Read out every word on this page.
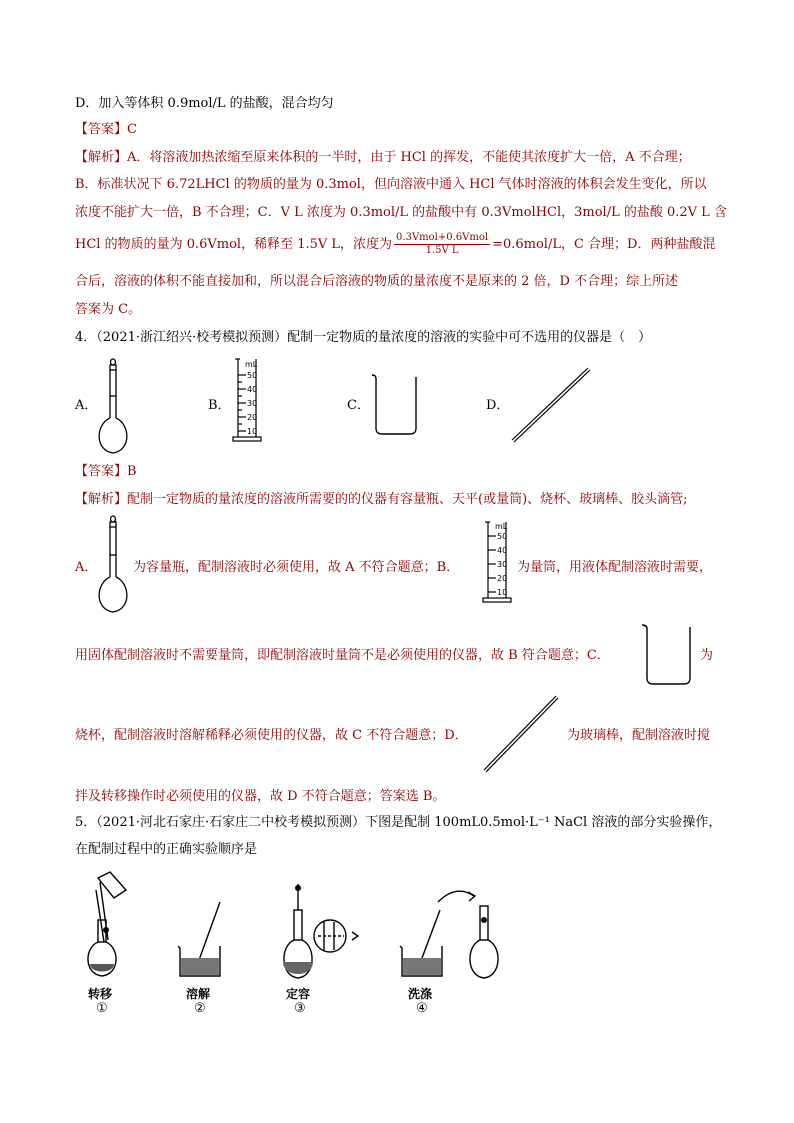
D．加入等体积 0.9mol/L 的盐酸，混合均匀
【答案】C
【解析】A．将溶液加热浓缩至原来体积的一半时，由于 HCl 的挥发，不能使其浓度扩大一倍，A 不合理；
B．标准状况下 6.72LHCl 的物质的量为 0.3mol，但向溶液中通入 HCl 气体时溶液的体积会发生变化，所以
浓度不能扩大一倍，B 不合理；C．V L 浓度为 0.3mol/L 的盐酸中有 0.3VmolHCl，3mol/L 的盐酸 0.2V L 含
HCl 的物质的量为 0.6Vmol，稀释至 1.5V L，浓度为 $\frac{\text{0.3Vmol+0.6Vmol}}{\text{1.5V L}} =0.6mol/L$，C 合理；D．两种盐酸混
合后，溶液的体积不能直接加和，所以混合后溶液的物质的量浓度不是原来的 2 倍，D 不合理；综上所述
答案为 C。
4．（2021·浙江绍兴·校考模拟预测）配制一定物质的量浓度的溶液的实验中可不选用的仪器是（　）
A．	B．
mL
50
40
30
20
10
C．	D．
【答案】B
【解析】配制一定物质的量浓度的溶液所需要的的仪器有容量瓶、天平(或量筒)、烧杯、玻璃棒、胶头滴管;
A．	为容量瓶，配制溶液时必须使用，故 A 不符合题意；B．
mL
50
40
30
20
10
为量筒，用液体配制溶液时需要，
用固体配制溶液时不需要量筒，即配制溶液时量筒不是必须使用的仪器，故 B 符合题意；C．	为
烧杯，配制溶液时溶解稀释必须使用的仪器，故 C 不符合题意；D．	为玻璃棒，配制溶液时搅
拌及转移操作时必须使用的仪器，故 D 不符合题意；答案选 B。
5．（2021·河北石家庄·石家庄二中校考模拟预测）下图是配制 100mL0.5mol·L⁻¹ NaCl 溶液的部分实验操作，
在配制过程中的正确实验顺序是
转移
①
溶解
②
定容
③
洗涤
④
